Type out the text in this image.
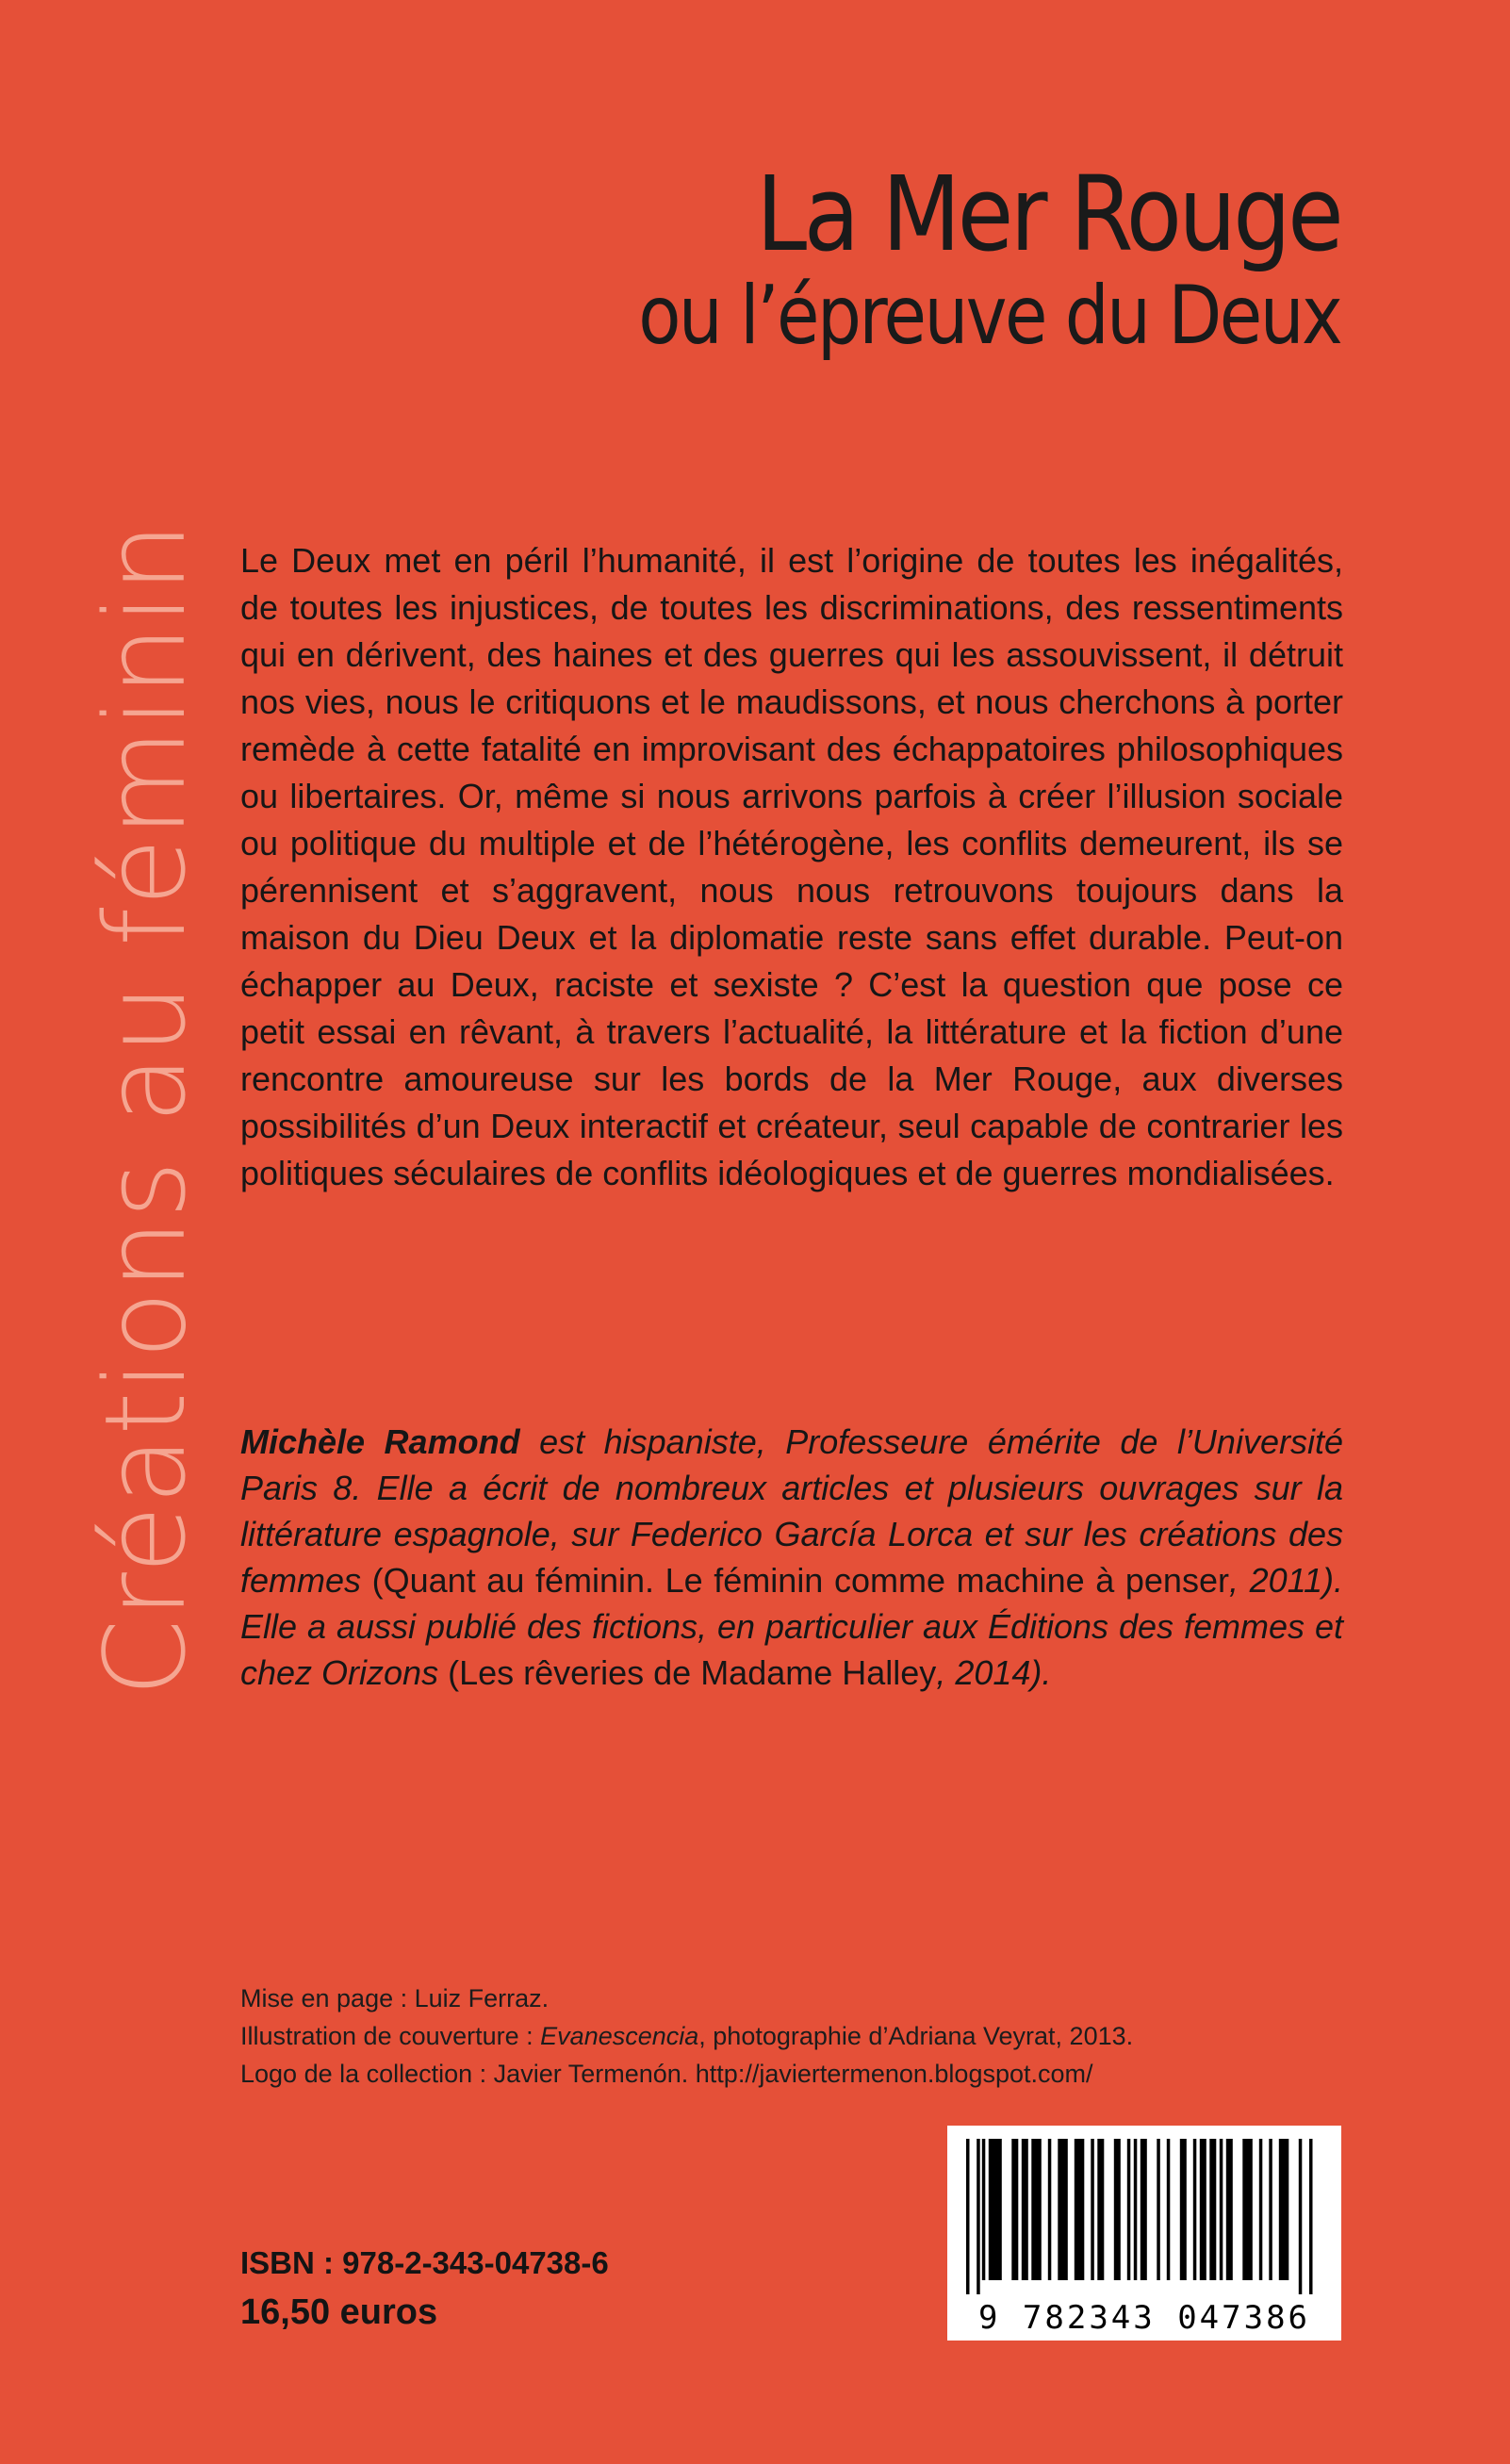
Créations au féminin
La Mer Rouge
ou l’épreuve du Deux

Le Deux met en péril l’humanité, il est l’origine de toutes les inégalités, de toutes les injustices, de toutes les discriminations, des ressentiments qui en dérivent, des haines et des guerres qui les assouvissent, il détruit nos vies, nous le critiquons et le maudissons, et nous cherchons à porter remède à cette fatalité en improvisant des échappatoires philosophiques ou libertaires. Or, même si nous arrivons parfois à créer l’illusion sociale ou politique du multiple et de l’hétérogène, les conflits demeurent, ils se pérennisent et s’aggravent, nous nous retrouvons toujours dans la maison du Dieu Deux et la diplomatie reste sans effet durable. Peut-on échapper au Deux, raciste et sexiste ? C’est la question que pose ce petit essai en rêvant, à travers l’actualité, la littérature et la fiction d’une rencontre amoureuse sur les bords de la Mer Rouge, aux diverses possibilités d’un Deux interactif et créateur, seul capable de contrarier les politiques séculaires de conflits idéologiques et de guerres mondialisées.

Michèle Ramond est hispaniste, Professeure émérite de l’Université Paris 8. Elle a écrit de nombreux articles et plusieurs ouvrages sur la littérature espagnole, sur Federico García Lorca et sur les créations des femmes (Quant au féminin. Le féminin comme machine à penser, 2011). Elle a aussi publié des fictions, en particulier aux Éditions des femmes et chez Orizons (Les rêveries de Madame Halley, 2014).

Mise en page : Luiz Ferraz.
Illustration de couverture : Evanescencia, photographie d’Adriana Veyrat, 2013.
Logo de la collection : Javier Termenón. http://javiertermenon.blogspot.com/
ISBN : 978-2-343-04738-6
16,50 euros	9 782343 047386
